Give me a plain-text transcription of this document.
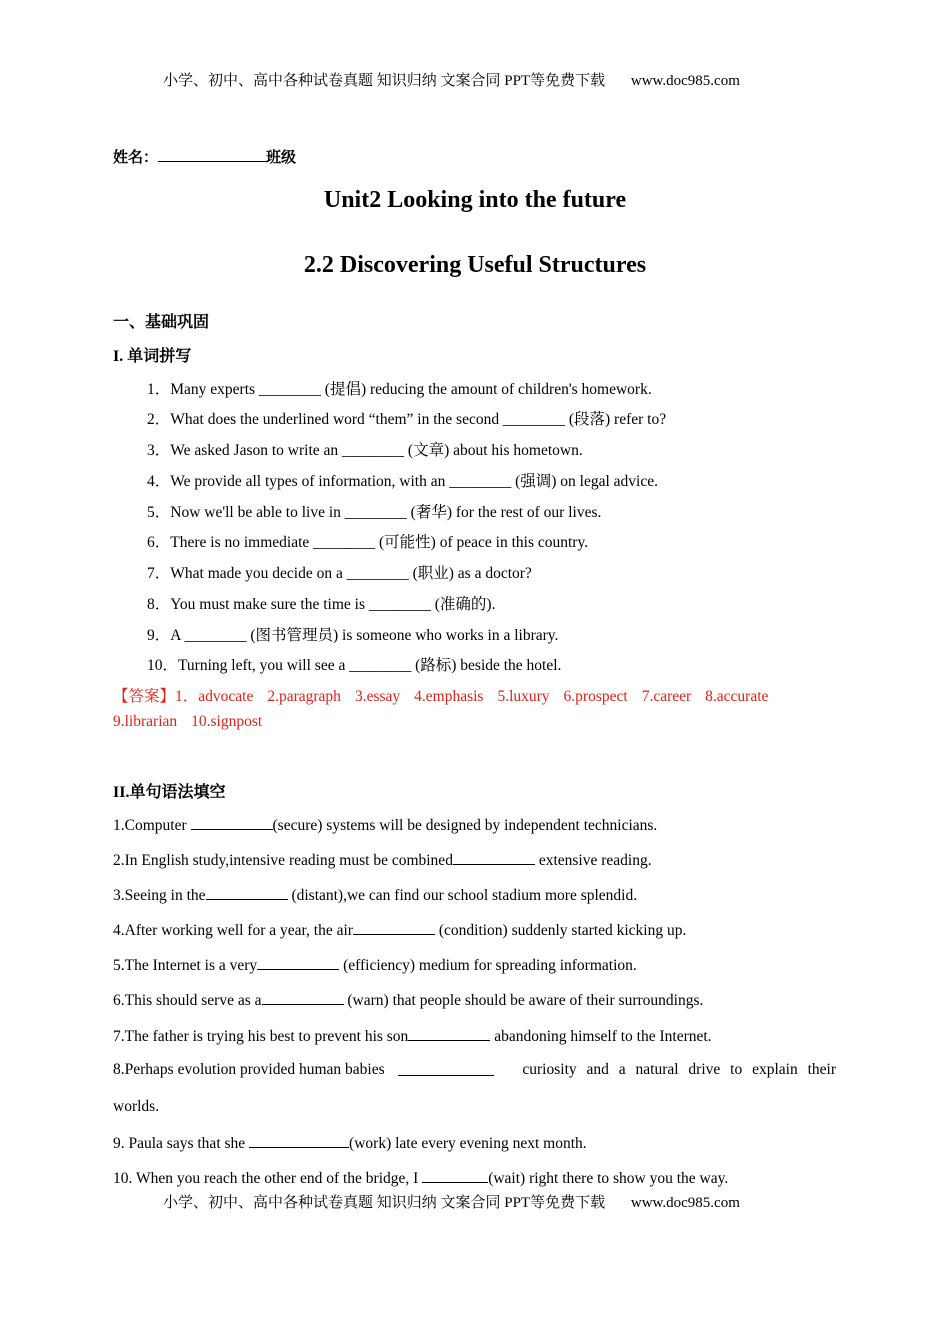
小学、初中、高中各种试卷真题 知识归纳 文案合同 PPT等免费下载 www.doc985.com
姓名：	班级
Unit2 Looking into the future
2.2 Discovering Useful Structures
一、基础巩固
I. 单词拼写
1．Many experts ________ (提倡) reducing the amount of children's homework.
2．What does the underlined word “them” in the second ________ (段落) refer to?
3．We asked Jason to write an ________ (文章) about his hometown.
4．We provide all types of information, with an ________ (强调) on legal advice.
5．Now we'll be able to live in ________ (奢华) for the rest of our lives.
6．There is no immediate ________ (可能性) of peace in this country.
7．What made you decide on a ________ (职业) as a doctor?
8．You must make sure the time is ________ (准确的).
9．A ________ (图书管理员) is someone who works in a library.
10．Turning left, you will see a ________ (路标) beside the hotel.
【答案】1．advocate 2.paragraph 3.essay 4.emphasis 5.luxury 6.prospect 7.career 8.accurate
9.librarian 10.signpost
II.单句语法填空
1.Computer	(secure) systems will be designed by independent technicians.
2.In English study,intensive reading must be combined	extensive reading.
3.Seeing in the	(distant),we can find our school stadium more splendid.
4.After working well for a year, the air	(condition) suddenly started kicking up.
5.The Internet is a very	(efficiency) medium for spreading information.
6.This should serve as a	(warn) that people should be aware of their surroundings.
7.The father is trying his best to prevent his son	abandoning himself to the Internet.
8.Perhaps evolution provided human babies	curiosity and a natural drive to explain their
worlds.
9. Paula says that she	(work) late every evening next month.
10. When you reach the other end of the bridge, I	(wait) right there to show you the way.
小学、初中、高中各种试卷真题 知识归纳 文案合同 PPT等免费下载 www.doc985.com
